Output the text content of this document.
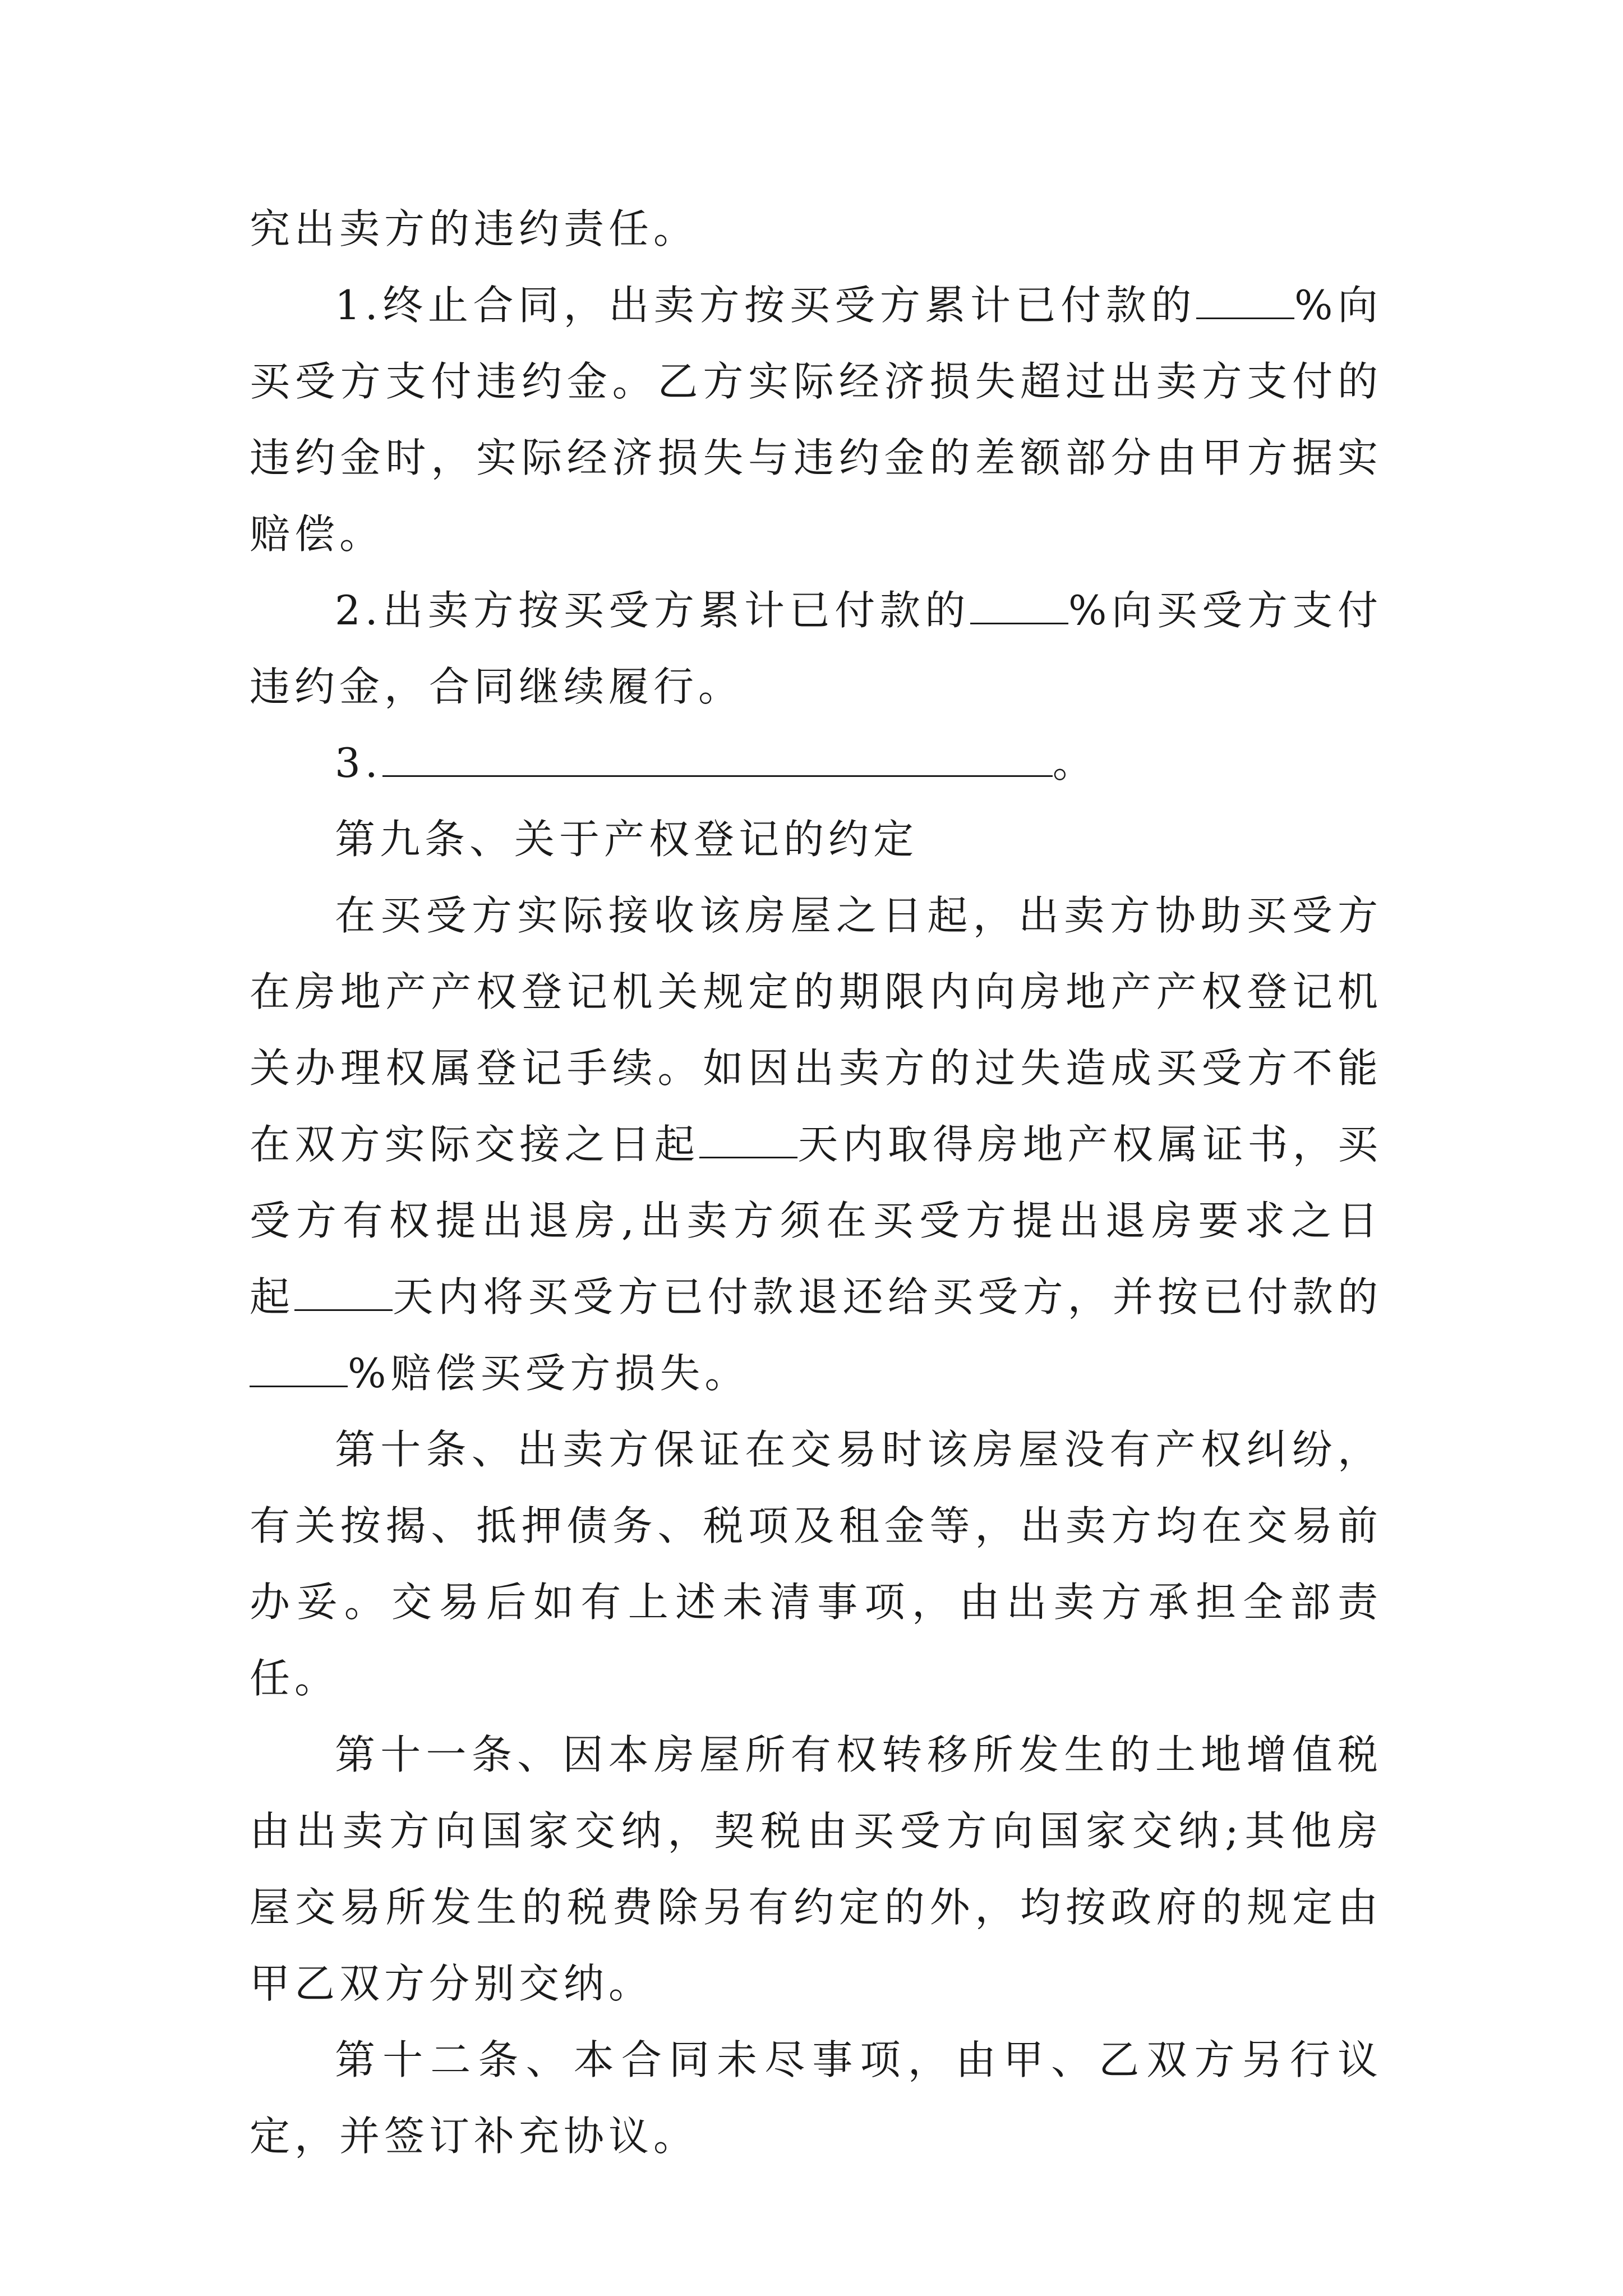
究出卖方的违约责任。

1.终止合同，出卖方按买受方累计已付款的 %向买受方支付违约金。乙方实际经济损失超过出卖方支付的违约金时，实际经济损失与违约金的差额部分由甲方据实赔偿。

2.出卖方按买受方累计已付款的 %向买受方支付违约金，合同继续履行。

3.	。

第九条、关于产权登记的约定

在买受方实际接收该房屋之日起，出卖方协助买受方在房地产产权登记机关规定的期限内向房地产产权登记机关办理权属登记手续。如因出卖方的过失造成买受方不能在双方实际交接之日起 天内取得房地产权属证书，买受方有权提出退房,出卖方须在买受方提出退房要求之日起 天内将买受方已付款退还给买受方，并按已付款的%赔偿买受方损失。

第十条、出卖方保证在交易时该房屋没有产权纠纷，有关按揭、抵押债务、税项及租金等，出卖方均在交易前办妥。交易后如有上述未清事项，由出卖方承担全部责任。

第十一条、因本房屋所有权转移所发生的土地增值税由出卖方向国家交纳，契税由买受方向国家交纳;其他房屋交易所发生的税费除另有约定的外，均按政府的规定由甲乙双方分别交纳。

第十二条、本合同未尽事项，由甲、乙双方另行议定，并签订补充协议。
